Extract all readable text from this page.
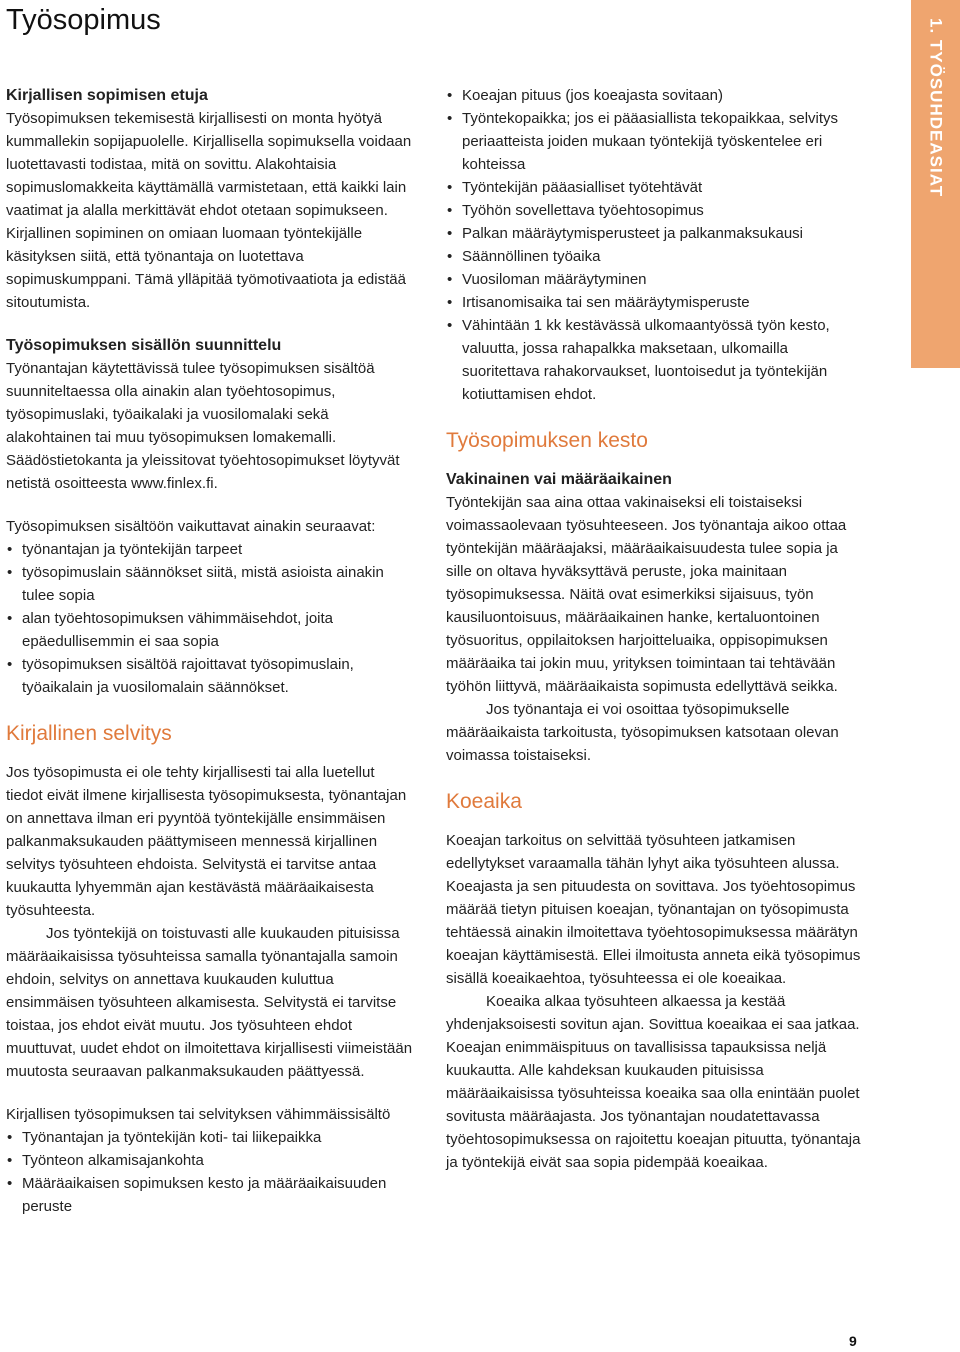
Työsopimus	1. TYÖSUHDEASIAT
Kirjallisen sopimisen etuja

Työsopimuksen tekemisestä kirjallisesti on monta hyötyä kummallekin sopijapuolelle. Kirjallisella sopimuksella voidaan luotettavasti todistaa, mitä on sovittu. Alakohtaisia sopimuslomakkeita käyttämällä varmistetaan, että kaikki lain vaatimat ja alalla merkittävät ehdot otetaan sopimukseen. Kirjallinen sopiminen on omiaan luomaan työntekijälle käsityksen siitä, että työnantaja on luotettava sopimuskumppani. Tämä ylläpitää työmotivaatiota ja edistää sitoutumista.

Työsopimuksen sisällön suunnittelu

Työnantajan käytettävissä tulee työsopimuksen sisältöä suunniteltaessa olla ainakin alan työehtosopimus, työsopimuslaki, työaikalaki ja vuosilomalaki sekä alakohtainen tai muu työsopimuksen lomakemalli. Säädöstietokanta ja yleissitovat työehtosopimukset löytyvät netistä osoitteesta www.finlex.fi.

Työsopimuksen sisältöön vaikuttavat ainakin seuraavat:

• työnantajan ja työntekijän tarpeet
• työsopimuslain säännökset siitä, mistä asioista ainakin tulee sopia
• alan työehtosopimuksen vähimmäisehdot, joita epäedullisemmin ei saa sopia
• työsopimuksen sisältöä rajoittavat työsopimuslain, työaikalain ja vuosilomalain säännökset.
Kirjallinen selvitys

Jos työsopimusta ei ole tehty kirjallisesti tai alla luetellut tiedot eivät ilmene kirjallisesta työsopimuksesta, työnantajan on annettava ilman eri pyyntöä työntekijälle ensimmäisen palkanmaksukauden päättymiseen mennessä kirjallinen selvitys työsuhteen ehdoista. Selvitystä ei tarvitse antaa kuukautta lyhyemmän ajan kestävästä määräaikaisesta työsuhteesta.

Jos työntekijä on toistuvasti alle kuukauden pituisissa määräaikaisissa työsuhteissa samalla työnantajalla samoin ehdoin, selvitys on annettava kuukauden kuluttua ensimmäisen työsuhteen alkamisesta. Selvitystä ei tarvitse toistaa, jos ehdot eivät muutu. Jos työsuhteen ehdot muuttuvat, uudet ehdot on ilmoitettava kirjallisesti viimeistään muutosta seuraavan palkanmaksukauden päättyessä.

Kirjallisen työsopimuksen tai selvityksen vähimmäissisältö

• Työnantajan ja työntekijän koti- tai liikepaikka
• Työnteon alkamisajankohta
• Määräaikaisen sopimuksen kesto ja määräaikaisuuden peruste
• Koeajan pituus (jos koeajasta sovitaan)
• Työntekopaikka; jos ei pääasiallista tekopaikkaa, selvitys periaatteista joiden mukaan työntekijä työskentelee eri kohteissa
• Työntekijän pääasialliset työtehtävät
• Työhön sovellettava työehtosopimus
• Palkan määräytymisperusteet ja palkanmaksukausi
• Säännöllinen työaika
• Vuosiloman määräytyminen
• Irtisanomisaika tai sen määräytymisperuste
• Vähintään 1 kk kestävässä ulkomaantyössä työn kesto, valuutta, jossa rahapalkka maksetaan, ulkomailla suoritettava rahakorvaukset, luontoisedut ja työntekijän kotiuttamisen ehdot.
Työsopimuksen kesto
Vakinainen vai määräaikainen

Työntekijän saa aina ottaa vakinaiseksi eli toistaiseksi voimassaolevaan työsuhteeseen. Jos työnantaja aikoo ottaa työntekijän määräajaksi, määräaikaisuudesta tulee sopia ja sille on oltava hyväksyttävä peruste, joka mainitaan työsopimuksessa. Näitä ovat esimerkiksi sijaisuus, työn kausiluontoisuus, määräaikainen hanke, kertaluontoinen työsuoritus, oppilaitoksen harjoitteluaika, oppisopimuksen määräaika tai jokin muu, yrityksen toimintaan tai tehtävään työhön liittyvä, määräaikaista sopimusta edellyttävä seikka.

Jos työnantaja ei voi osoittaa työsopimukselle määräaikaista tarkoitusta, työsopimuksen katsotaan olevan voimassa toistaiseksi.

Koeaika

Koeajan tarkoitus on selvittää työsuhteen jatkamisen edellytykset varaamalla tähän lyhyt aika työsuhteen alussa. Koeajasta ja sen pituudesta on sovittava. Jos työehtosopimus määrää tietyn pituisen koeajan, työnantajan on työsopimusta tehtäessä ainakin ilmoitettava työehtosopimuksessa määrätyn koeajan käyttämisestä. Ellei ilmoitusta anneta eikä työsopimus sisällä koeaikaehtoa, työsuhteessa ei ole koeaikaa.

Koeaika alkaa työsuhteen alkaessa ja kestää yhdenjaksoisesti sovitun ajan. Sovittua koeaikaa ei saa jatkaa. Koeajan enimmäispituus on tavallisissa tapauksissa neljä kuukautta. Alle kahdeksan kuukauden pituisissa määräaikaisissa työsuhteissa koeaika saa olla enintään puolet sovitusta määräajasta. Jos työnantajan noudatettavassa työehtosopimuksessa on rajoitettu koeajan pituutta, työnantaja ja työntekijä eivät saa sopia pidempää koeaikaa.

9
